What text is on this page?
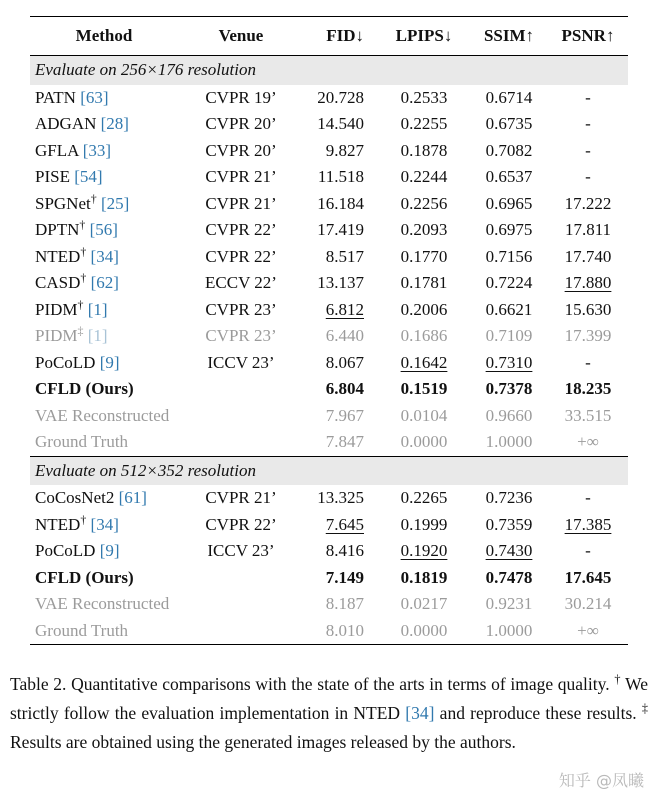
Method	Venue	FID↓	LPIPS↓	SSIM↑	PSNR↑
Evaluate on 256×176 resolution					
PATN [63]	CVPR 19’	20.728	0.2533	0.6714	-
ADGAN [28]	CVPR 20’	14.540	0.2255	0.6735	-
GFLA [33]	CVPR 20’	9.827	0.1878	0.7082	-
PISE [54]	CVPR 21’	11.518	0.2244	0.6537	-
SPGNet† [25]	CVPR 21’	16.184	0.2256	0.6965	17.222
DPTN† [56]	CVPR 22’	17.419	0.2093	0.6975	17.811
NTED† [34]	CVPR 22’	8.517	0.1770	0.7156	17.740
CASD† [62]	ECCV 22’	13.137	0.1781	0.7224	17.880
PIDM† [1]	CVPR 23’	6.812	0.2006	0.6621	15.630
PIDM‡ [1]	CVPR 23’	6.440	0.1686	0.7109	17.399
PoCoLD [9]	ICCV 23’	8.067	0.1642	0.7310	-
CFLD (Ours)		6.804	0.1519	0.7378	18.235
VAE Reconstructed		7.967	0.0104	0.9660	33.515
Ground Truth		7.847	0.0000	1.0000	+∞
Evaluate on 512×352 resolution					
CoCosNet2 [61]	CVPR 21’	13.325	0.2265	0.7236	-
NTED† [34]	CVPR 22’	7.645	0.1999	0.7359	17.385
PoCoLD [9]	ICCV 23’	8.416	0.1920	0.7430	-
CFLD (Ours)		7.149	0.1819	0.7478	17.645
VAE Reconstructed		8.187	0.0217	0.9231	30.214
Ground Truth		8.010	0.0000	1.0000	+∞

Table 2. Quantitative comparisons with the state of the arts in terms of image quality. † We strictly follow the evaluation implementation in NTED [34] and reproduce these results. ‡ Results are obtained using the generated images released by the authors.

知乎 @凤曦
